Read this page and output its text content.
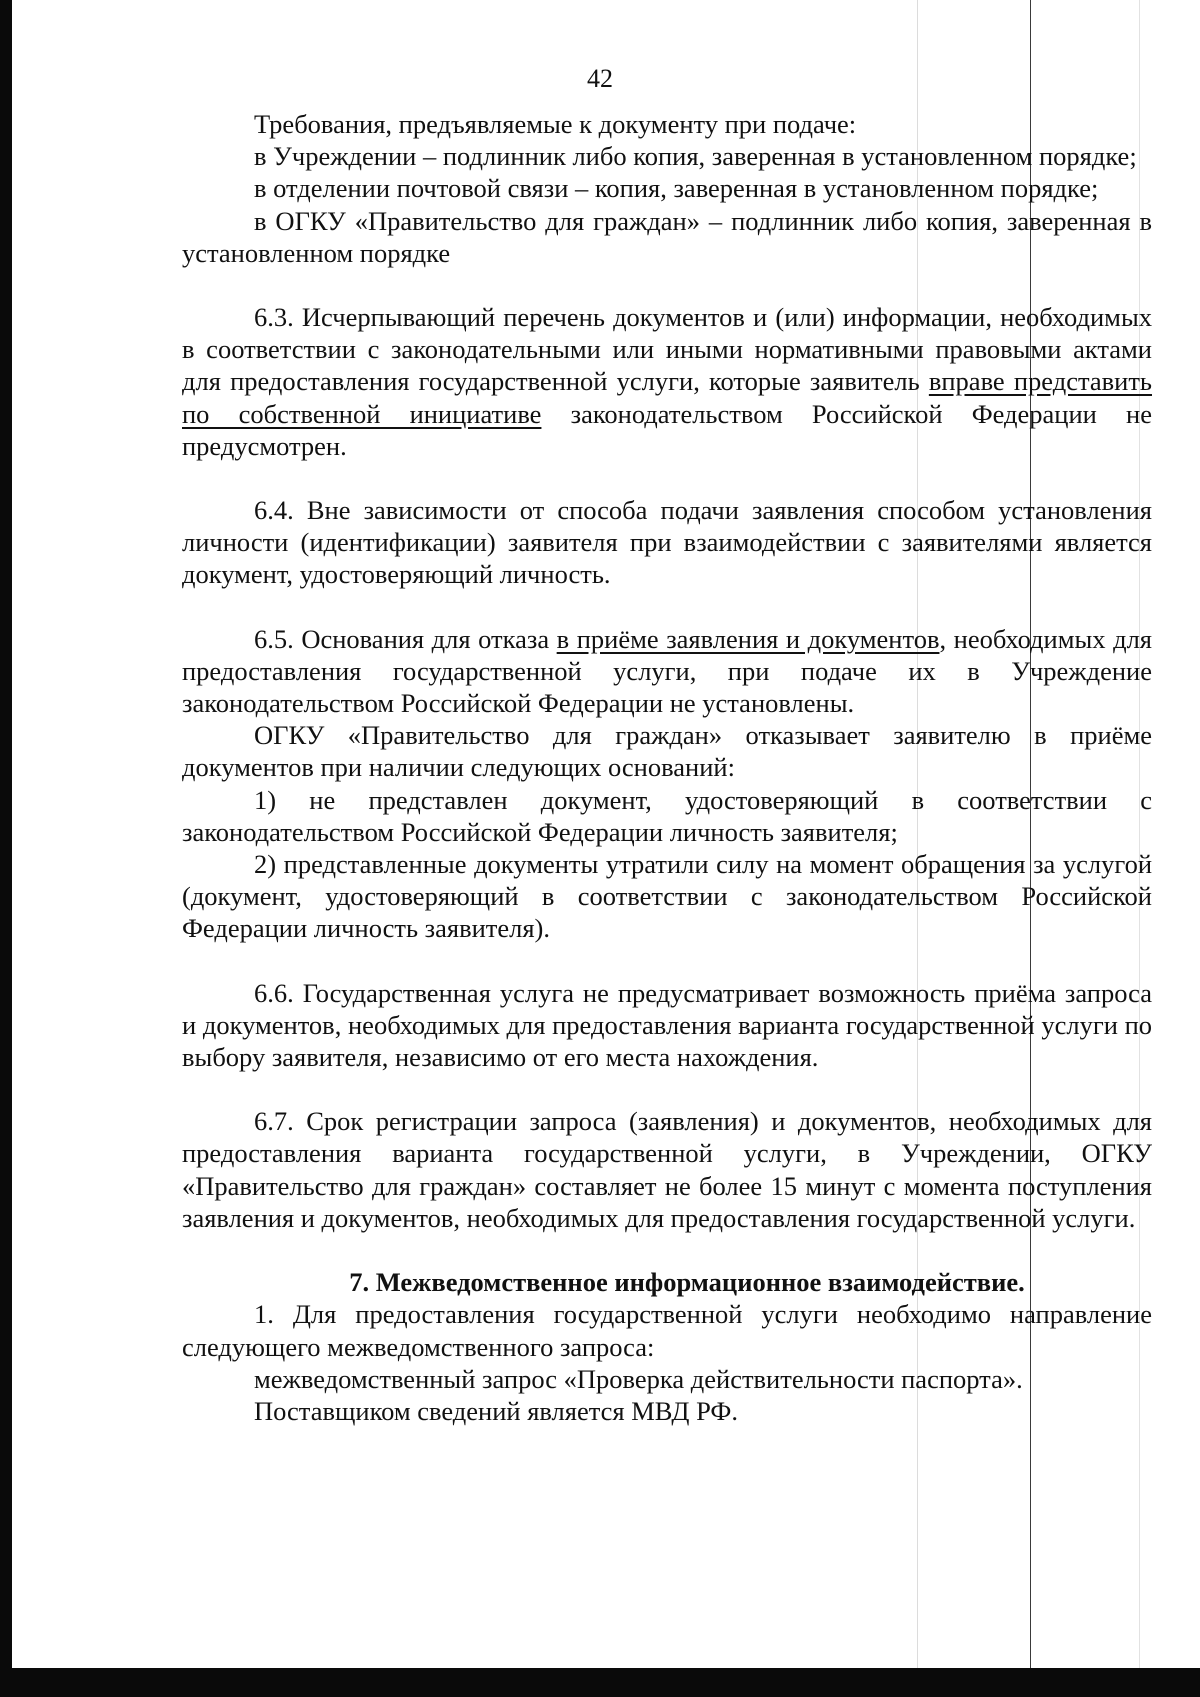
42

Требования, предъявляемые к документу при подаче:

в Учреждении – подлинник либо копия, заверенная в установленном порядке;

в отделении почтовой связи – копия, заверенная в установленном порядке;

в ОГКУ «Правительство для граждан» – подлинник либо копия, заверенная в установленном порядке

6.3. Исчерпывающий перечень документов и (или) информации, необходимых в соответствии с законодательными или иными нормативными правовыми актами для предоставления государственной услуги, которые заявитель вправе представить по собственной инициативе законодательством Российской Федерации не предусмотрен.

6.4. Вне зависимости от способа подачи заявления способом установления личности (идентификации) заявителя при взаимодействии с заявителями является документ, удостоверяющий личность.

6.5. Основания для отказа в приёме заявления и документов, необходимых для предоставления государственной услуги, при подаче их в Учреждение законодательством Российской Федерации не установлены.

ОГКУ «Правительство для граждан» отказывает заявителю в приёме документов при наличии следующих оснований:

1) не представлен документ, удостоверяющий в соответствии с законодательством Российской Федерации личность заявителя;

2) представленные документы утратили силу на момент обращения за услугой (документ, удостоверяющий в соответствии с законодательством Российской Федерации личность заявителя).

6.6. Государственная услуга не предусматривает возможность приёма запроса и документов, необходимых для предоставления варианта государственной услуги по выбору заявителя, независимо от его места нахождения.

6.7. Срок регистрации запроса (заявления) и документов, необходимых для предоставления варианта государственной услуги, в Учреждении, ОГКУ «Правительство для граждан» составляет не более 15 минут с момента поступления заявления и документов, необходимых для предоставления государственной услуги.

7. Межведомственное информационное взаимодействие.

1. Для предоставления государственной услуги необходимо направление следующего межведомственного запроса:

межведомственный запрос «Проверка действительности паспорта».

Поставщиком сведений является МВД РФ.
